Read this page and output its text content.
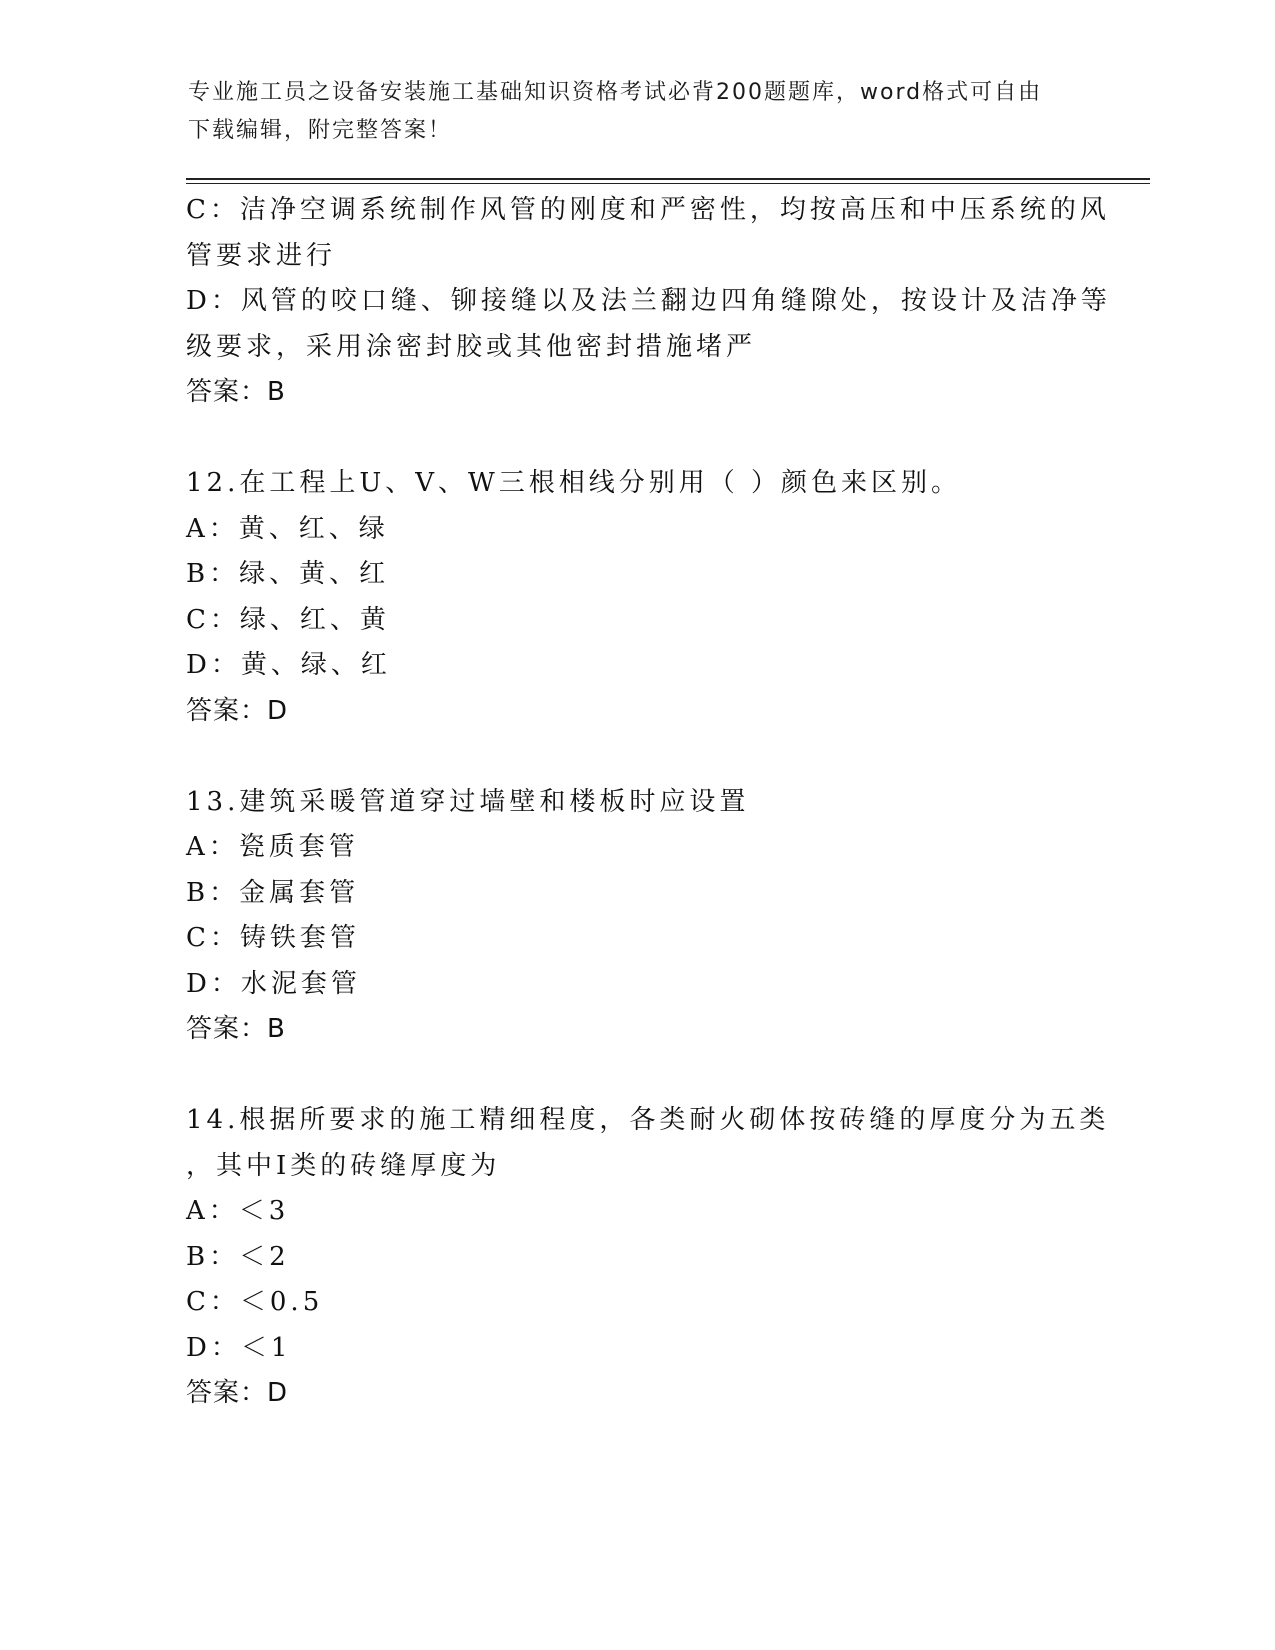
专业施工员之设备安装施工基础知识资格考试必背200题题库，word格式可自由
下载编辑，附完整答案！
C：洁净空调系统制作风管的刚度和严密性，均按高压和中压系统的风
管要求进行
D：风管的咬口缝、铆接缝以及法兰翻边四角缝隙处，按设计及洁净等
级要求，采用涂密封胶或其他密封措施堵严
答案：B
12.在工程上U、V、W三根相线分别用（ ）颜色来区别。
A：黄、红、绿
B：绿、黄、红
C：绿、红、黄
D：黄、绿、红
答案：D
13.建筑采暖管道穿过墙壁和楼板时应设置
A：瓷质套管
B：金属套管
C：铸铁套管
D：水泥套管
答案：B
14.根据所要求的施工精细程度，各类耐火砌体按砖缝的厚度分为五类
，其中I类的砖缝厚度为
A：＜3
B：＜2
C：＜0.5
D：＜1
答案：D
